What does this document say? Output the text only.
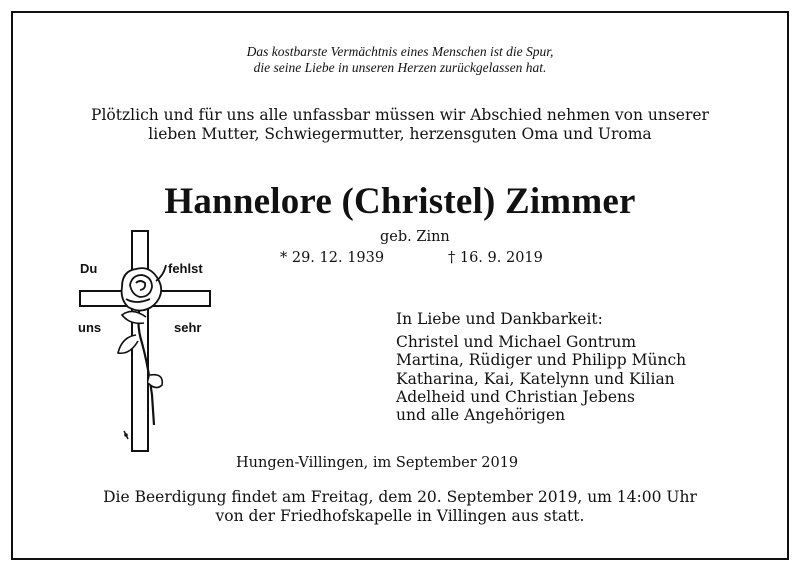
Das kostbarste Vermächtnis eines Menschen ist die Spur,
die seine Liebe in unseren Herzen zurückgelassen hat.
Plötzlich und für uns alle unfassbar müssen wir Abschied nehmen von unserer
lieben Mutter, Schwiegermutter, herzensguten Oma und Uroma
Hannelore (Christel) Zimmer
geb. Zinn
* 29. 12. 1939	† 16. 9. 2019
Du	fehlst
uns	sehr	In Liebe und Dankbarkeit:
Christel und Michael Gontrum
Martina, Rüdiger und Philipp Münch
Katharina, Kai, Katelynn und Kilian
Adelheid und Christian Jebens
und alle Angehörigen
Hungen-Villingen, im September 2019
Die Beerdigung findet am Freitag, dem 20. September 2019, um 14:00 Uhr
von der Friedhofskapelle in Villingen aus statt.
